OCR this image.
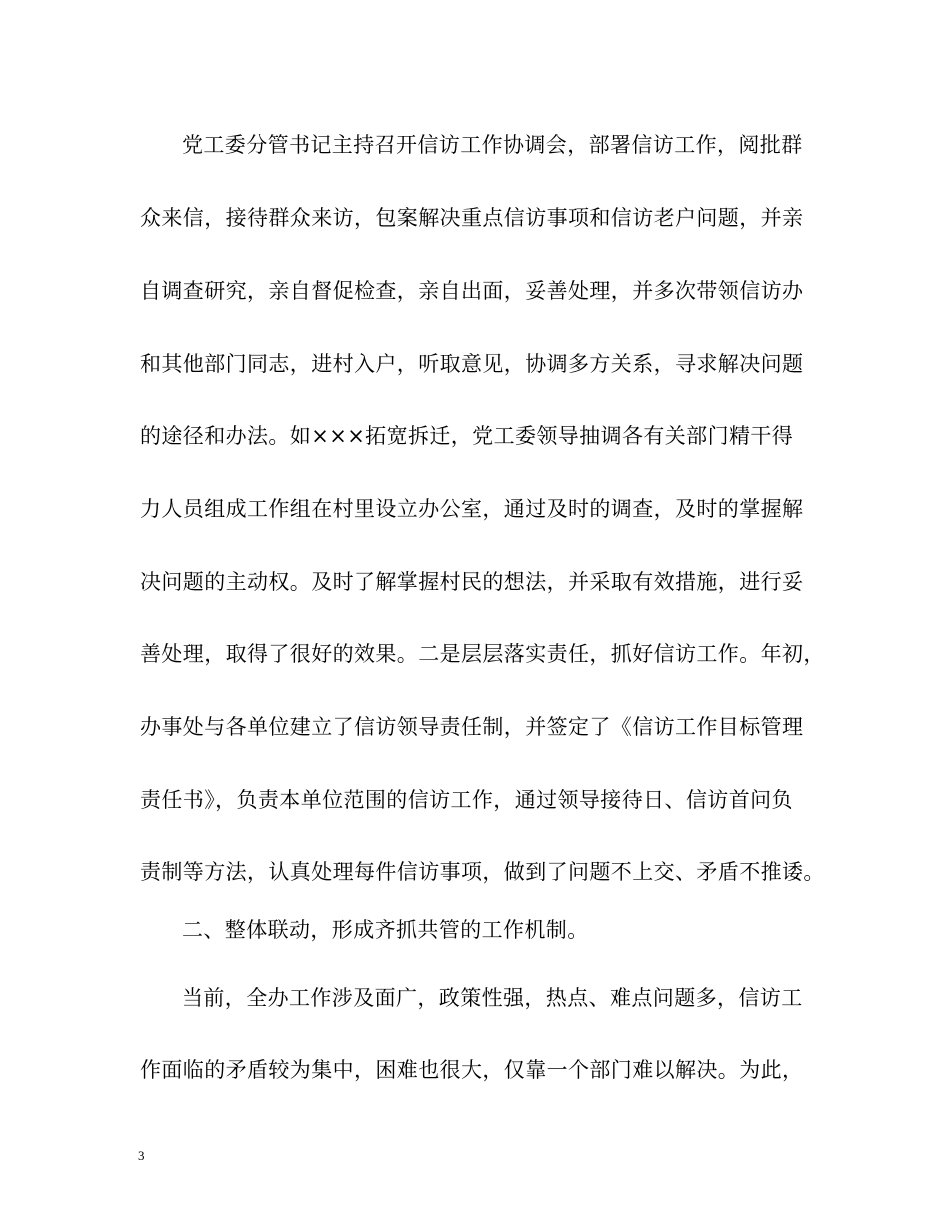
党工委分管书记主持召开信访工作协调会，部署信访工作，阅批群
众来信，接待群众来访，包案解决重点信访事项和信访老户问题，并亲
自调查研究，亲自督促检查，亲自出面，妥善处理，并多次带领信访办
和其他部门同志，进村入户，听取意见，协调多方关系，寻求解决问题
的途径和办法。如×××拓宽拆迁，党工委领导抽调各有关部门精干得
力人员组成工作组在村里设立办公室，通过及时的调查，及时的掌握解
决问题的主动权。及时了解掌握村民的想法，并采取有效措施，进行妥
善处理，取得了很好的效果。二是层层落实责任，抓好信访工作。年初，
办事处与各单位建立了信访领导责任制，并签定了《信访工作目标管理
责任书》，负责本单位范围的信访工作，通过领导接待日、信访首问负
责制等方法，认真处理每件信访事项，做到了问题不上交、矛盾不推诿。
二、整体联动，形成齐抓共管的工作机制。
当前，全办工作涉及面广，政策性强，热点、难点问题多，信访工
作面临的矛盾较为集中，困难也很大，仅靠一个部门难以解决。为此，
3
